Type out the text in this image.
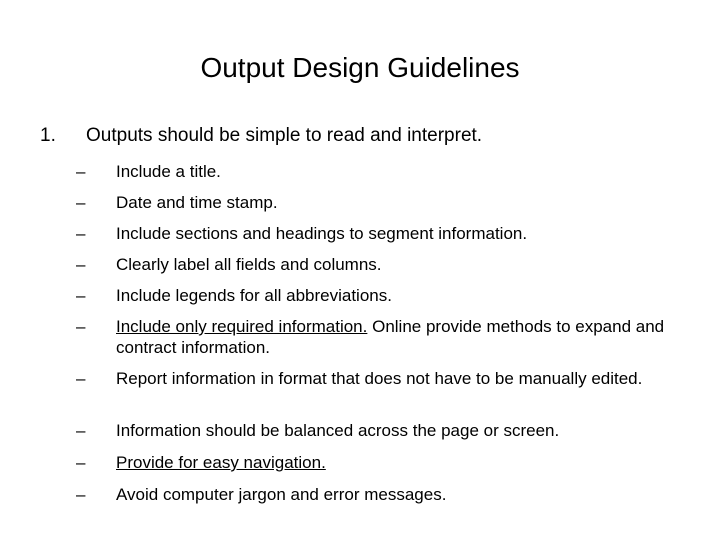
Output Design Guidelines
1. Outputs should be simple to read and interpret.
– Include a title.
– Date and time stamp.
– Include sections and headings to segment information.
– Clearly label all fields and columns.
– Include legends for all abbreviations.
– Include only required information. Online provide methods to expand and contract information.
– Report information in format that does not have to be manually edited.
– Information should be balanced across the page or screen.
– Provide for easy navigation.
– Avoid computer jargon and error messages.
